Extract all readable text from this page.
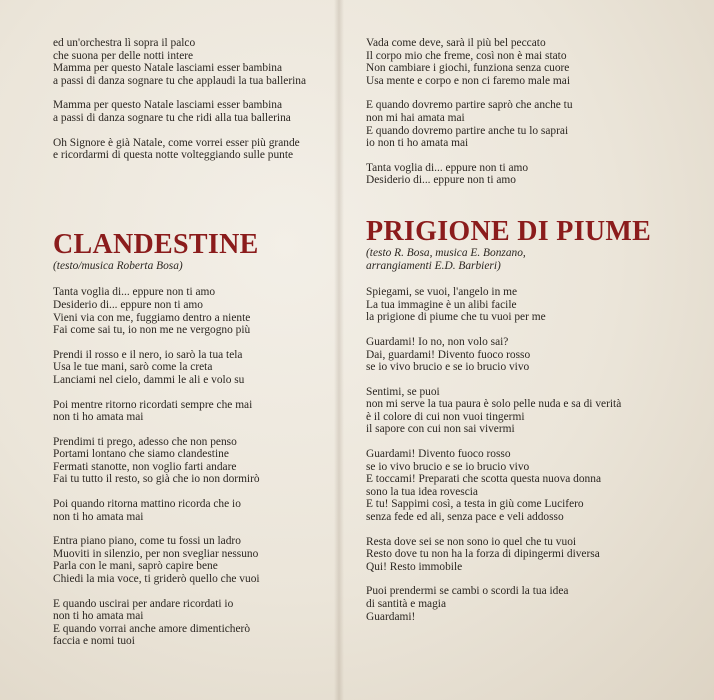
ed un'orchestra lì sopra il palco
che suona per delle notti intere
Mamma per questo Natale lasciami esser bambina
a passi di danza sognare tu che applaudi la tua ballerina
Mamma per questo Natale lasciami esser bambina
a passi di danza sognare tu che ridi alla tua ballerina
Oh Signore è già Natale, come vorrei esser più grande
e ricordarmi di questa notte volteggiando sulle punte
CLANDESTINE
(testo/musica Roberta Bosa)
Tanta voglia di... eppure non ti amo
Desiderio di... eppure non ti amo
Vieni via con me, fuggiamo dentro a niente
Fai come sai tu, io non me ne vergogno più
Prendi il rosso e il nero, io sarò la tua tela
Usa le tue mani, sarò come la creta
Lanciami nel cielo, dammi le ali e volo su
Poi mentre ritorno ricordati sempre che mai
non ti ho amata mai
Prendimi ti prego, adesso che non penso
Portami lontano che siamo clandestine
Fermati stanotte, non voglio farti andare
Fai tu tutto il resto, so già che io non dormirò
Poi quando ritorna mattino ricorda che io
non ti ho amata mai
Entra piano piano, come tu fossi un ladro
Muoviti in silenzio, per non svegliar nessuno
Parla con le mani, saprò capire bene
Chiedi la mia voce, ti griderò quello che vuoi
E quando uscirai per andare ricordati io
non ti ho amata mai
E quando vorrai anche amore dimenticherò
faccia e nomi tuoi
Vada come deve, sarà il più bel peccato
Il corpo mio che freme, così non è mai stato
Non cambiare i giochi, funziona senza cuore
Usa mente e corpo e non ci faremo male mai
E quando dovremo partire saprò che anche tu
non mi hai amata mai
E quando dovremo partire anche tu lo saprai
io non ti ho amata mai
Tanta voglia di... eppure non ti amo
Desiderio di... eppure non ti amo
PRIGIONE DI PIUME
(testo R. Bosa, musica E. Bonzano,
arrangiamenti E.D. Barbieri)
Spiegami, se vuoi, l'angelo in me
La tua immagine è un alibi facile
la prigione di piume che tu vuoi per me
Guardami! Io no, non volo sai?
Dai, guardami! Divento fuoco rosso
se io vivo brucio e se io brucio vivo
Sentimi, se puoi
non mi serve la tua paura è solo pelle nuda e sa di verità
è il colore di cui non vuoi tingermi
il sapore con cui non sai vivermi
Guardami! Divento fuoco rosso
se io vivo brucio e se io brucio vivo
E toccami! Preparati che scotta questa nuova donna
sono la tua idea rovescia
E tu! Sappimi così, a testa in giù come Lucifero
senza fede ed ali, senza pace e veli addosso
Resta dove sei se non sono io quel che tu vuoi
Resto dove tu non ha la forza di dipingermi diversa
Qui! Resto immobile
Puoi prendermi se cambi o scordi la tua idea
di santità e magia
Guardami!
